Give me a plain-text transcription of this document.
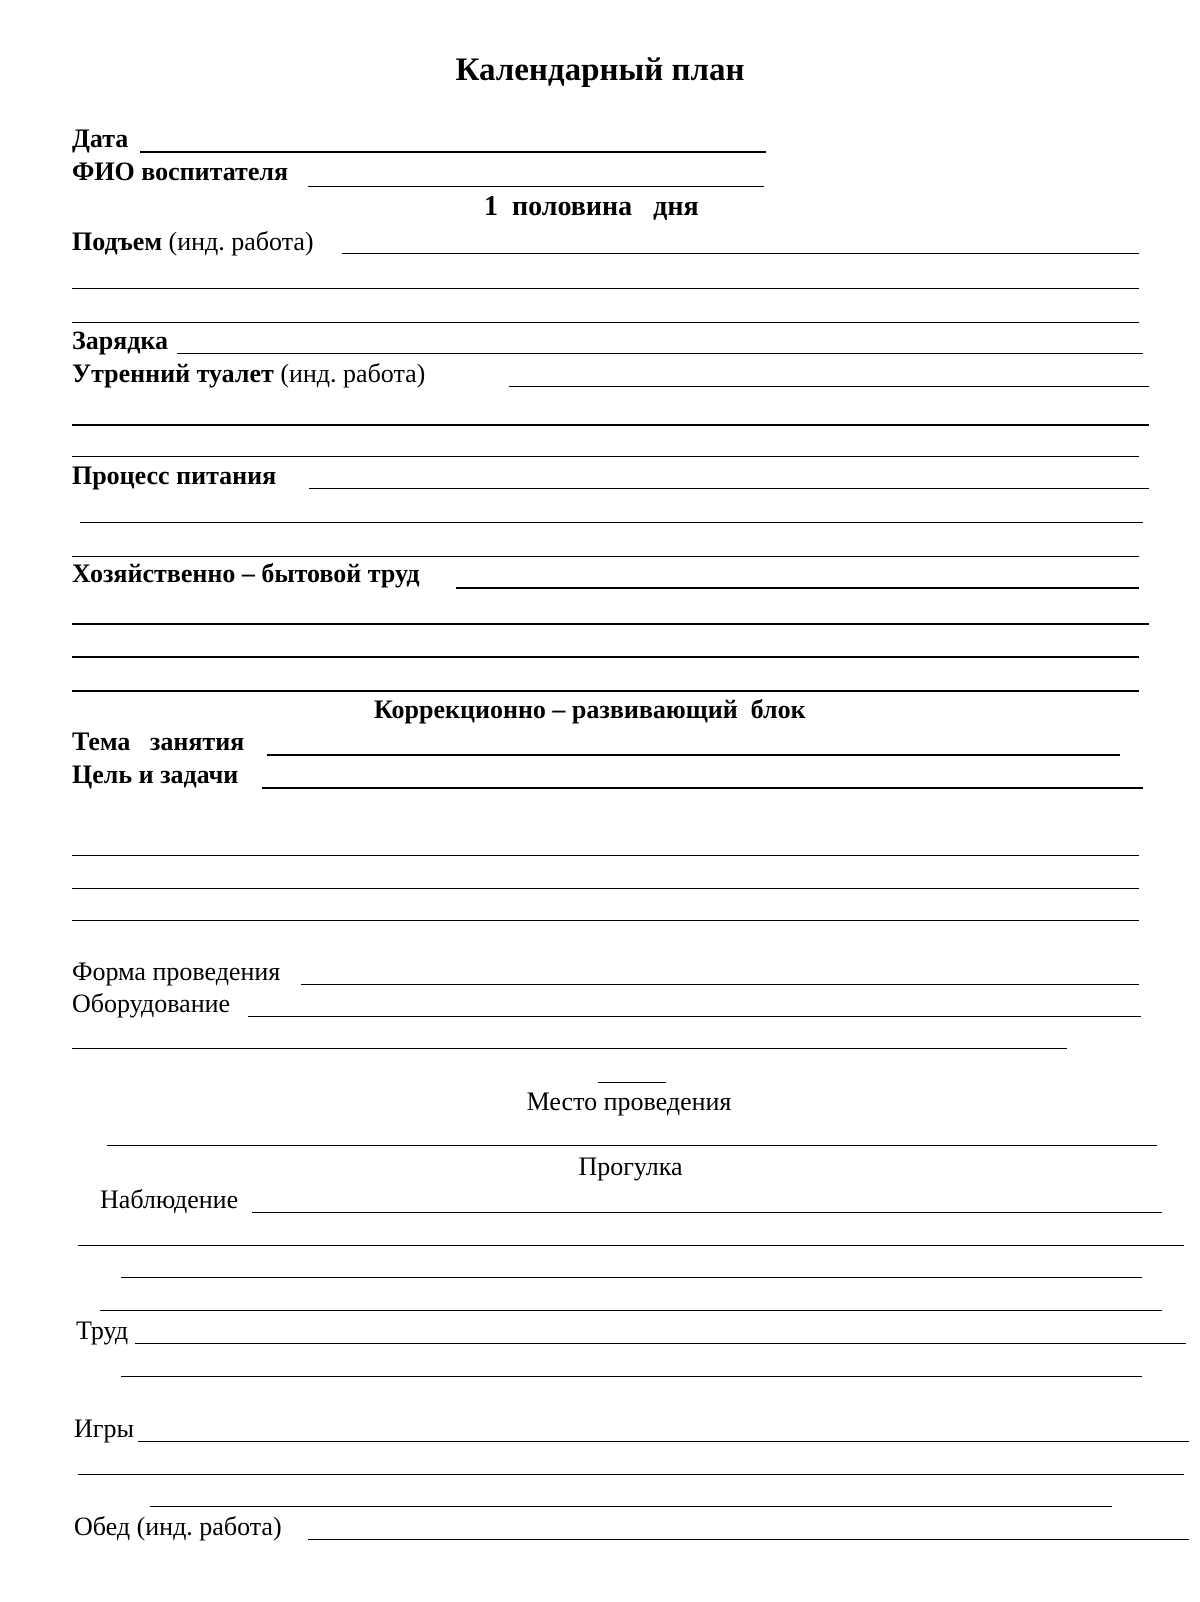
Календарный план
Дата
ФИО воспитателя
1  половина   дня
Подъем (инд. работа)
Зарядка
Утренний туалет (инд. работа)
Процесс питания
Хозяйственно – бытовой труд
Коррекционно – развивающий  блок
Тема   занятия
Цель и задачи
Форма проведения
Оборудование
Место проведения
Прогулка
Наблюдение
Труд
Игры
Обед (инд. работа)
